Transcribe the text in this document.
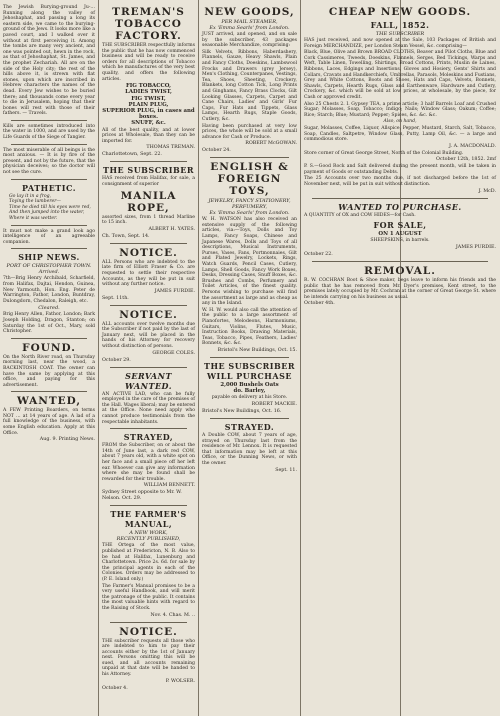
The Jewish Burying-ground Ju-… Running along the valley of Jehoshaphat, and passing a long its eastern side, we came to the burying-ground of the Jews. It looks more like a paved court, and I walked over it without at first perceiving it. Among the tombs are many very ancient, and one was pointed out, hewn in the rock, as that of Jehoshaphat, St. James, and the prophet Zechariah. All are on the side of the Holy city; the rest of the hills above it, is strewn with flat stones, upon which are inscribed in Hebrew characters the names of the dead. Every Jew wishes to be buried there; and thousands come every year to die in Jerusalem, hoping that their bones will rest with those of their fathers. — Travels.
Kills are sometimes introduced into the water in 1000, and are used by the Life Guards of the Siege of Tangier.
The most miserable of all beings is the most anxious. — It is by fire of the present, and not by the future, that the physician deceives; so the doctor will not see the cure.
PATHETIC.
Go lay it in a frog,
Toying the lumberer—
Time he died till his eyes were red,
And then jumped into the water,
Where it was wetter.
It must not make a grand look ago intelligence of an agreeable companion.
SHIP NEWS.
PORT OF CHRISTOPHER TOWN.
Arrived.
7th—Brig Henry Archibald, Scharfield, from Halifax, Dajtai, Hendon, Guinea, New Yarmouth, Hon. Eng. Peter de Warrington, Fathor, London, Buntdray, Dulongdorn, Chedalon, Raleigh, etc.
Cleared.
Brig Henry Allen, Fathor, London; Bark Joseph Holding, Dragon, Stanton; on Saturday the 1st of Oct., Mary, sold Christopher.
FOUND.
On the North River road, on Thursday morning last, near the wood, a BACKINTOSH COAT. The owner can have the same by applying at this office, and paying for this advertisement.
WANTED,
A FEW Printing Boarders, on terms NOT … at 14 years of age. A lad of a full knowledge of the business, with some English education. Apply at this Office.
Aug. 9. Printing News.
TREMAN'S TOBACCO FACTORY.
THE SUBSCRIBER respectfully informs the public that he has now commenced business and will be ready to receive orders for all descriptions of Tobacco which he manufactures of the very best quality, and offers the following articles.
FIG TOBACCO,
LADIES TWIST,
FIG TWIST,
PLAIN PLUG,
SUPERIOR PLUG, in cases and boxes.
SNUFF, &c.
All of the best quality, and at lower prices at Wholesale, than they can be imported for.
THOMAS TREMAN.
Charlottetown, Sept. 22.
THE SUBSCRIBER
HAS received from Halifax, for sale, a consignment of superior
MANILA ROPE,
assorted sizes, from 1 thread Marline to 15 inch.
ALBERT H. YATES.
Ch. Town, Sept. 14.
NOTICE.
ALL Persons who are indebted to the late firm of Elliott Fraser & Co. are requested to settle their respective Accounts, as they will be put in suit without any further notice.
JAMES FURDIE.
Sept. 11th.
NOTICE.
ALL accounts over twelve months due the Subscriber if not paid by the last of January next, will be placed in the hands of his Attorney for recovery without distinction of persons.
GEORGE COLES.
October 29.
SERVANT WANTED.
AN ACTIVE LAD, who can be fully employed in the care of the premises of the Hall. Wages liberal; may be entered at the Office. None need apply who cannot produce testimonials from the respectable inhabitants.
STRAYED,
FROM the Subscriber, on or about the 14th of June last, a dark red COW, about 7 years old, with a white spot on her face and a small piece off her left ear. Whoever can give any information where she may be found shall be rewarded for their trouble.
WILLIAM BENNETT.
Sydney Street opposite to Mr. W. Nelson. Oct. 29.
THE FARMER'S MANUAL,
A NEW WORK,
RECENTLY PUBLISHED,
THE Ortega of the most value, published at Fredericton, N. B. Also to be had at Halifax, Lunenburg and Charlottetown. Price 2s. 6d. for sale by the principal agents in each of the Colonies. Orders may be addressed to (P. E. Island only.)
The Farmer's Manual promises to be a very useful Handbook, and will merit the patronage of the public. It contains the most valuable hints with regard to the Raising of Stock.
Nov. 4. Chas. M. ..
NOTICE.
THE subscriber requests all those who are indebted to him to pay their accounts either by the 1st of January next. Persons omitting this will be sued, and all accounts remaining unpaid at that date will be handed to his Attorney.
P. WOLSER.
October 4.
NEW GOODS,
PER MAIL STEAMER,
Ex 'Emma Searls' from London.
JUST arrived, and opened, and on sale by the subscriber, 43 packages seasonable Merchandize, comprising:
Silk Velvets, Ribbons, Haberdashery, Flannels, Gauze, Heavy Shawls, Plain and Fancy Cloths, Doeskins, Lambswool Frocks and Drawers (grey Jersey), Men's Clothing, Counterpanes, Vestings, Tea, Shoes, Sheeting, Crockery, Blankets, long Cotton Tick, Long Prints and Ginghams, Fancy Brass Clocks, Gilt Looking Glasses, Carpets, Carpet and Cane Chairs, Ladies' and Girls' Fur Caps, Fur Hats and Tippets, Glass Lamps, Hearth Rugs, Staple Goods, Cutlery, &c.
Having been purchased at very low prices, the whole will be sold at a small advance for Cash or Produce.
ROBERT McGOWAN.
October 24.
ENGLISH & FOREIGN TOYS,
JEWELRY, FANCY STATIONERY, PERFUMERY,
Ex 'Emma Searls' from London.
W. H. WATSON has also received an extensive supply of the following articles, via:—Toys, Dolls and Toy Lamps, Fancy Soaps, Chinese and Japanese Wares, Dolls and Toys of all descriptions, Musical Instruments, Purses, Vases, Fans, Portmonnaies, Gilt and Plated Jewelry, Lockets, Rings, Watch Guards, Pencil Cases, Cutlery, Lamps, Shell Goods, Fancy Work Boxes, Desks, Dressing Cases, Snuff Boxes, &c. Brushes and Combs, Perfumery and Toilet Articles, of the finest quality. Persons wishing to purchase will find the assortment as large and as cheap as any in the Island.
W. H. W. would also call the attention of the public to a large assortment of Pianofortes, Melodeons, Harmoniums, Guitars, Violins, Flutes, Music, Instruction Books, Drawing Materials, Teas, Tobacco, Pipes, Feathers, Ladies' Bonnets, &c. &c.
Bristol's New Buildings, Oct. 15.
THE SUBSCRIBER WILL PURCHASE
2,000 Bushels Oats
do. Barley,
payable on delivery at his Store.
ROBERT MACKIE.
Bristol's New Buildings, Oct. 16.
STRAYED.
A Double COW, about 7 years of age, strayed on Thursday last from the residence of Mr. Lennox. It is requested that information may be left at this Office, or the Dunning News, or with the owner.
Sept. 11.
CHEAP NEW GOODS.
FALL, 1852.
THE SUBSCRIBER
HAS just received, and now opened at the Sale, 103 Packages of British and Foreign MERCHANDIZE, per London Steam Vessel, &c. comprising—
Black, Blue, Olive and Brown BROAD CLOTHS, Beaver and Pilot Cloths, Blue and Cork Cassimeres, Tweeds, Doeskins, Flannels, Serges, Bed Tickings, Warps and Weft, Table Linen, Towelling, Shirtings, Broad Cottons, Prints, Muslin de Laines, Ribbons, Laces, Edgings and Insertions, Gloves and Hosiery, Gents' Shirts and Collars, Cravats and Handkerchiefs, Umbrellas, Parasols, Moleskins and Fustians, Grey and White Cottons, Boots and Shoes, Hats and Caps, Velvets, Bonnets, Shawls, Carpets, Hearth Rugs, Glass and Earthenware, Hardware and Cutlery, Crockery, &c. which will be sold at low prices, at wholesale, by the piece, for Cash or approved credit.
Also 25 Chests 2. I. Gypsey TEA, a prime article; 3 half Barrels Loaf and Crushed Sugar; Molasses, Soap, Tobacco; Indigo; Nails; Window Glass; Oakum; Coffee; Rice; Starch; Blue; Mustard; Pepper; Spices, &c. &c. &c.
Also, on hand,
Sugar, Molasses, Coffee, Liquor, Allspice, Pepper, Mustard, Starch, Salt, Tobacco, Soap, Candles, Saltpetre, Window Glass, Putty, Lamp Oil, &c. — a large and commodious store.
J. A. MACDONALD.
Store corner of Great George Street, North of the Colonial Building.
October 12th, 1852. 2mf
P. S.—Good Rock and Salt delivered during the present month, will be taken in payment of Goods or outstanding Debts.
The 25 Accounts over two months due, if not discharged before the 1st of November next, will be put in suit without distinction.
J. McD.
WANTED TO PURCHASE.
A QUANTITY of OX and COW HIDES—for Cash.
FOR SALE,
ON 1 AUGUST
SHEEPSKINS, in barrels.
JAMES PURDIE.
October 22.
REMOVAL.
R. W. COCHRAN Boot & Shoe maker, begs leave to inform his friends and the public that he has removed from Mr. Dyer's premises, Kent street, to the premises lately occupied by Mr. Cochran at the corner of Great George St. where he intends carrying on his business as usual.
October 4th.
